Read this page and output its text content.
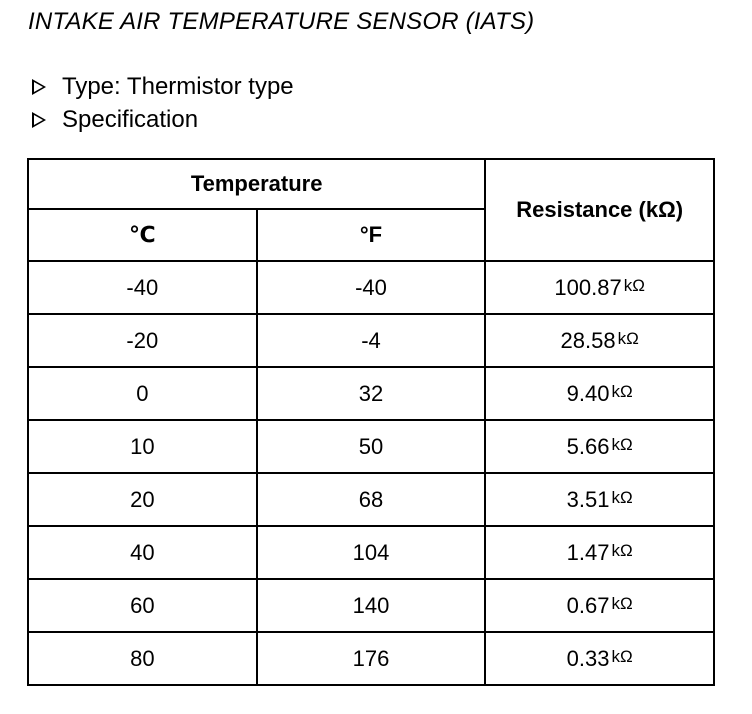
INTAKE AIR TEMPERATURE SENSOR (IATS)
Type: Thermistor type
Specification
Temperature		Resistance (kΩ)
℃	°F	
-40	-40	100.87 kΩ
-20	-4	28.58 kΩ
0	32	9.40 kΩ
10	50	5.66 kΩ
20	68	3.51 kΩ
40	104	1.47 kΩ
60	140	0.67 kΩ
80	176	0.33 kΩ
